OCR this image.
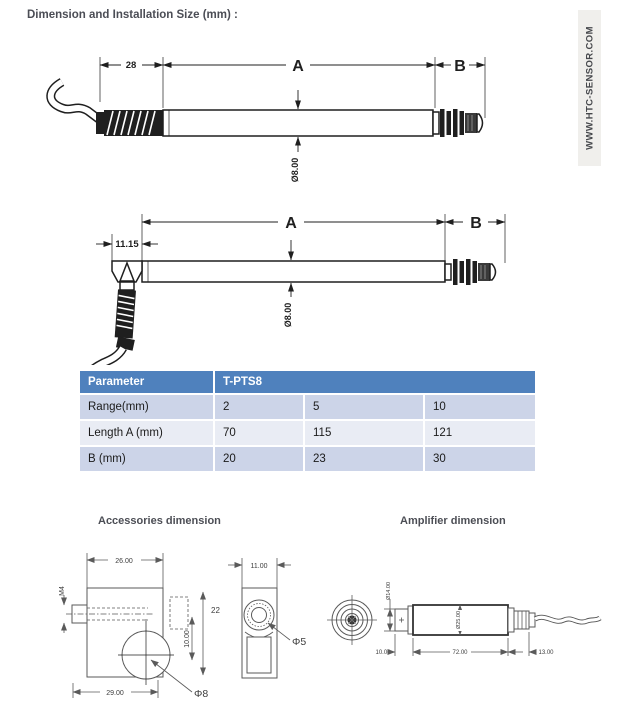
Dimension and Installation Size (mm) :
WWW.HTC-SENSOR.COM
28	A	B
Ø8.00
A	B
11.15
Ø8.00
Parameter	T-PTS8		
Range(mm)	2	5	10
Length A (mm)	70	115	121
B (mm)	20	23	30
Accessories dimension	Amplifier dimension
26.00
M4
10.00
Φ8
29.00
11.00
Φ5
22
Ø14.00
Ø25.00
10.00	72.00	13.00
